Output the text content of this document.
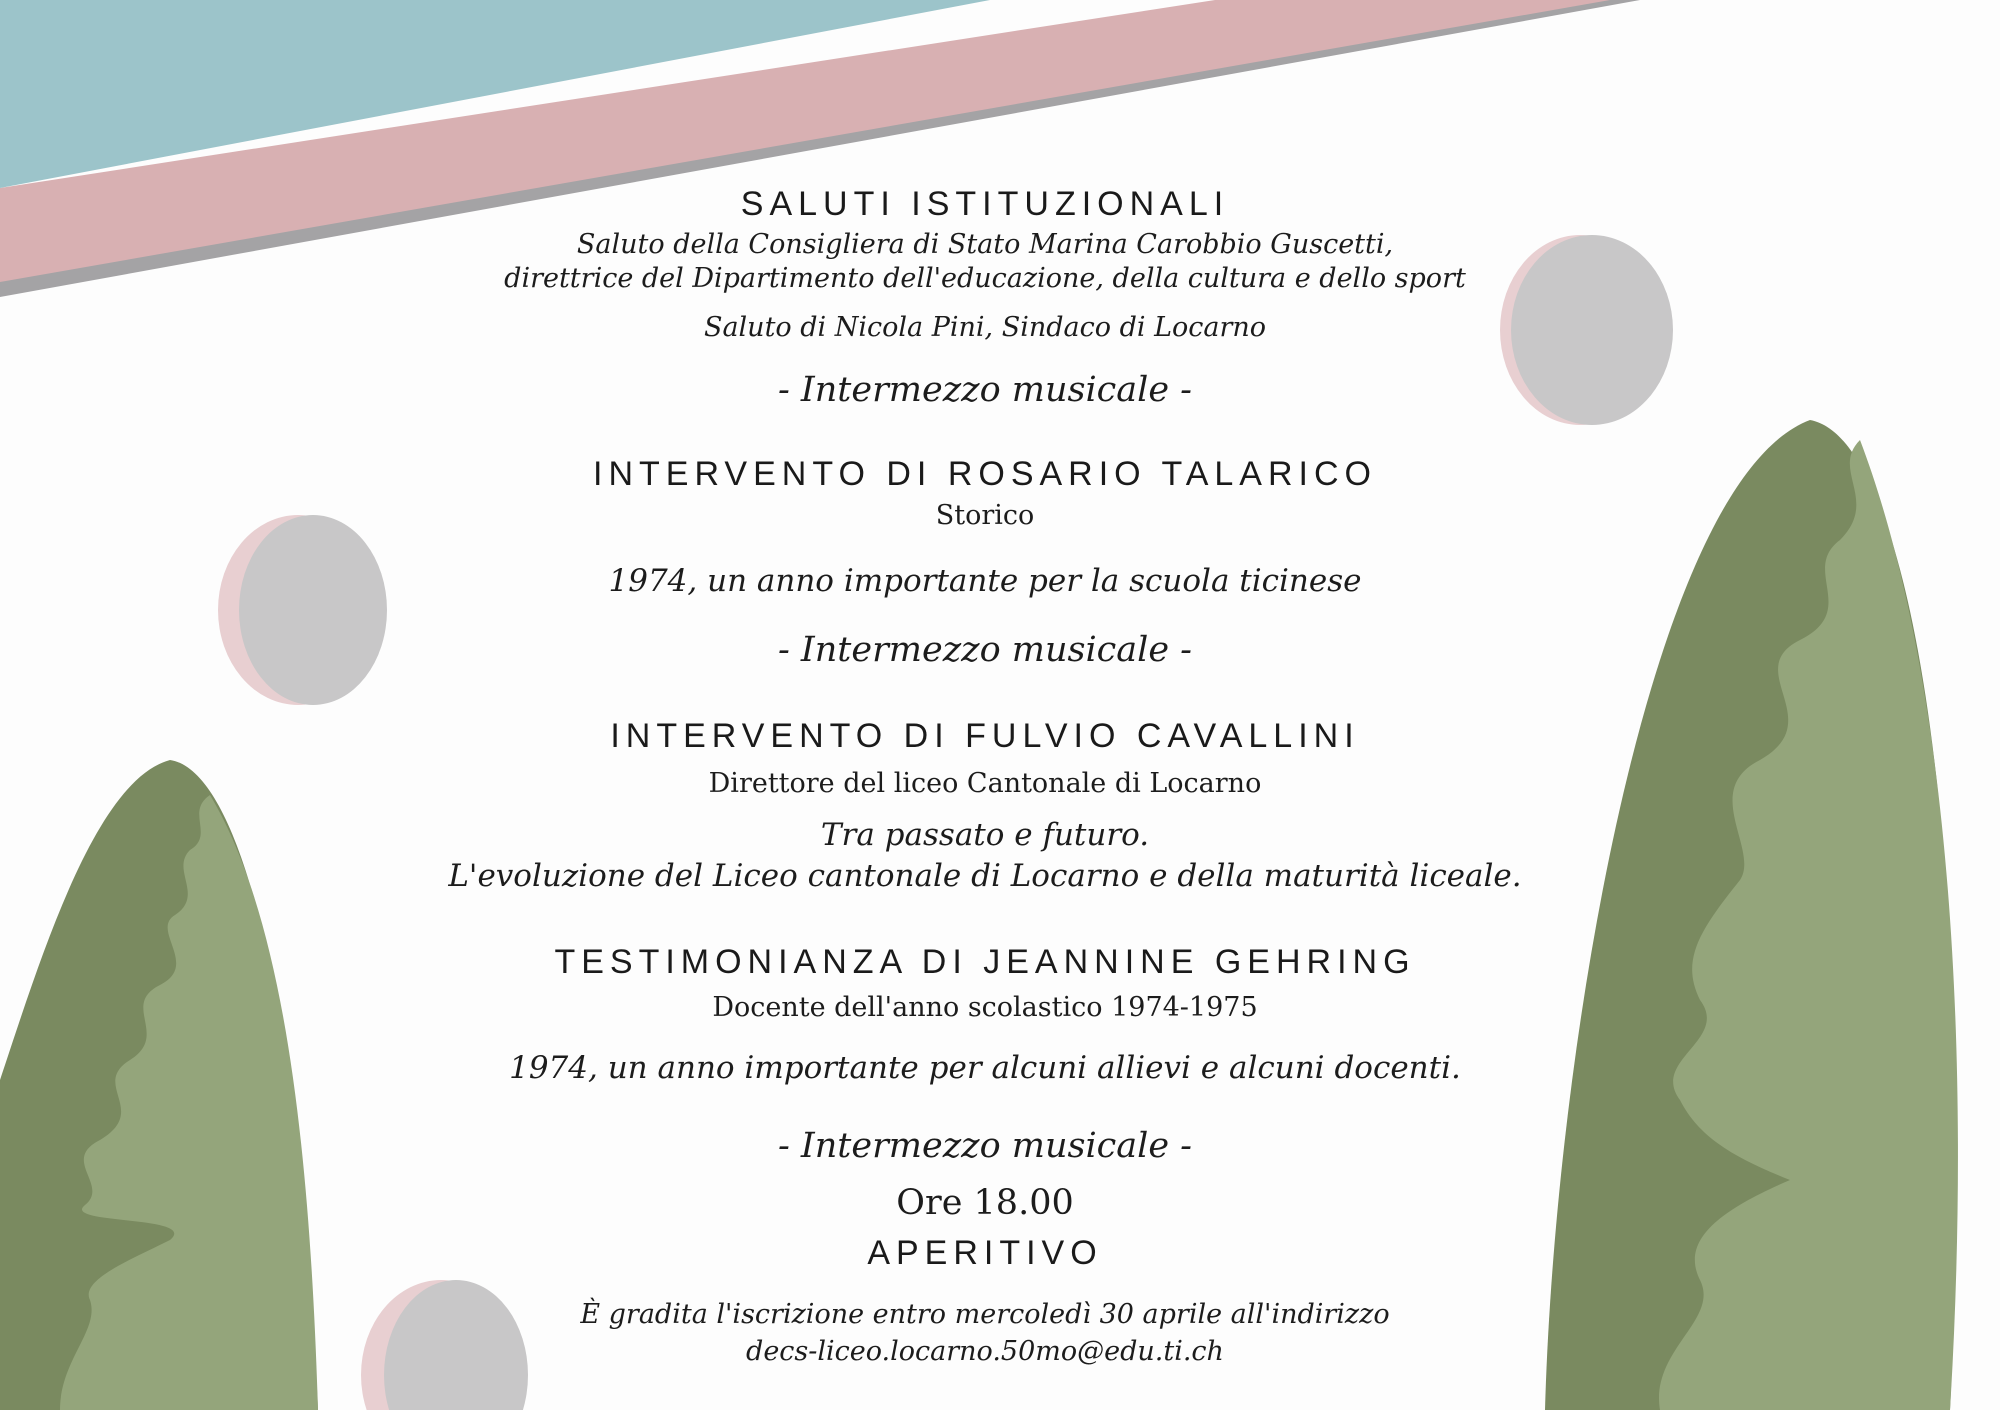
SALUTI ISTITUZIONALI
Saluto della Consigliera di Stato Marina Carobbio Guscetti,
direttrice del Dipartimento dell'educazione, della cultura e dello sport
Saluto di Nicola Pini, Sindaco di Locarno
- Intermezzo musicale -
INTERVENTO DI ROSARIO TALARICO
Storico
1974, un anno importante per la scuola ticinese
- Intermezzo musicale -
INTERVENTO DI FULVIO CAVALLINI
Direttore del liceo Cantonale di Locarno
Tra passato e futuro.
L'evoluzione del Liceo cantonale di Locarno e della maturità liceale.
TESTIMONIANZA DI JEANNINE GEHRING
Docente dell'anno scolastico 1974-1975
1974, un anno importante per alcuni allievi e alcuni docenti.
- Intermezzo musicale -
Ore 18.00
APERITIVO
È gradita l'iscrizione entro mercoledì 30 aprile all'indirizzo
decs-liceo.locarno.50mo@edu.ti.ch
